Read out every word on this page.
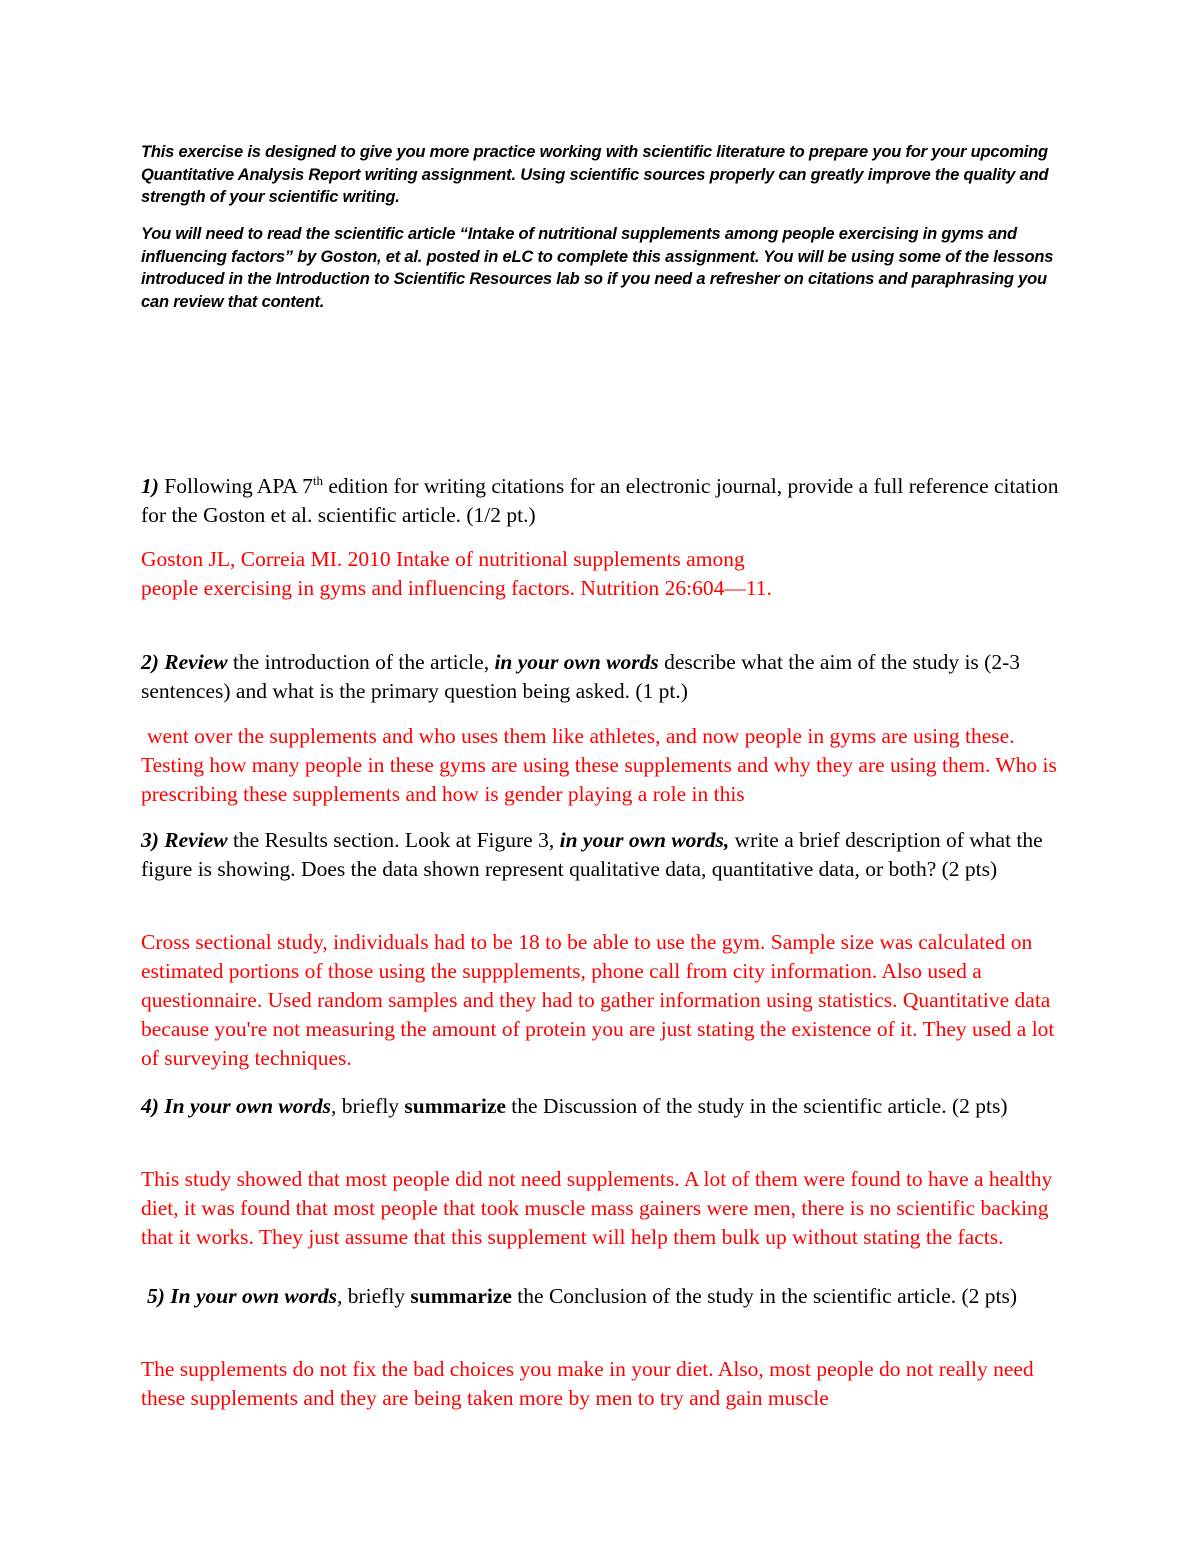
This exercise is designed to give you more practice working with scientific literature to prepare you for your upcoming Quantitative Analysis Report writing assignment. Using scientific sources properly can greatly improve the quality and strength of your scientific writing.

You will need to read the scientific article “Intake of nutritional supplements among people exercising in gyms and influencing factors” by Goston, et al. posted in eLC to complete this assignment. You will be using some of the lessons introduced in the Introduction to Scientific Resources lab so if you need a refresher on citations and paraphrasing you can review that content.

1) Following APA 7th edition for writing citations for an electronic journal, provide a full reference citation for the Goston et al. scientific article. (1/2 pt.)

Goston JL, Correia MI. 2010 Intake of nutritional supplements among
people exercising in gyms and influencing factors. Nutrition 26:604—11.

2) Review the introduction of the article, in your own words describe what the aim of the study is (2-3 sentences) and what is the primary question being asked. (1 pt.)

went over the supplements and who uses them like athletes, and now people in gyms are using these. Testing how many people in these gyms are using these supplements and why they are using them. Who is prescribing these supplements and how is gender playing a role in this

3) Review the Results section. Look at Figure 3, in your own words, write a brief description of what the figure is showing. Does the data shown represent qualitative data, quantitative data, or both? (2 pts)

Cross sectional study, individuals had to be 18 to be able to use the gym. Sample size was calculated on estimated portions of those using the suppplements, phone call from city information. Also used a questionnaire. Used random samples and they had to gather information using statistics. Quantitative data because you're not measuring the amount of protein you are just stating the existence of it. They used a lot of surveying techniques.

4) In your own words, briefly summarize the Discussion of the study in the scientific article. (2 pts)

This study showed that most people did not need supplements. A lot of them were found to have a healthy diet, it was found that most people that took muscle mass gainers were men, there is no scientific backing that it works. They just assume that this supplement will help them bulk up without stating the facts.

5) In your own words, briefly summarize the Conclusion of the study in the scientific article. (2 pts)

The supplements do not fix the bad choices you make in your diet. Also, most people do not really need these supplements and they are being taken more by men to try and gain muscle
